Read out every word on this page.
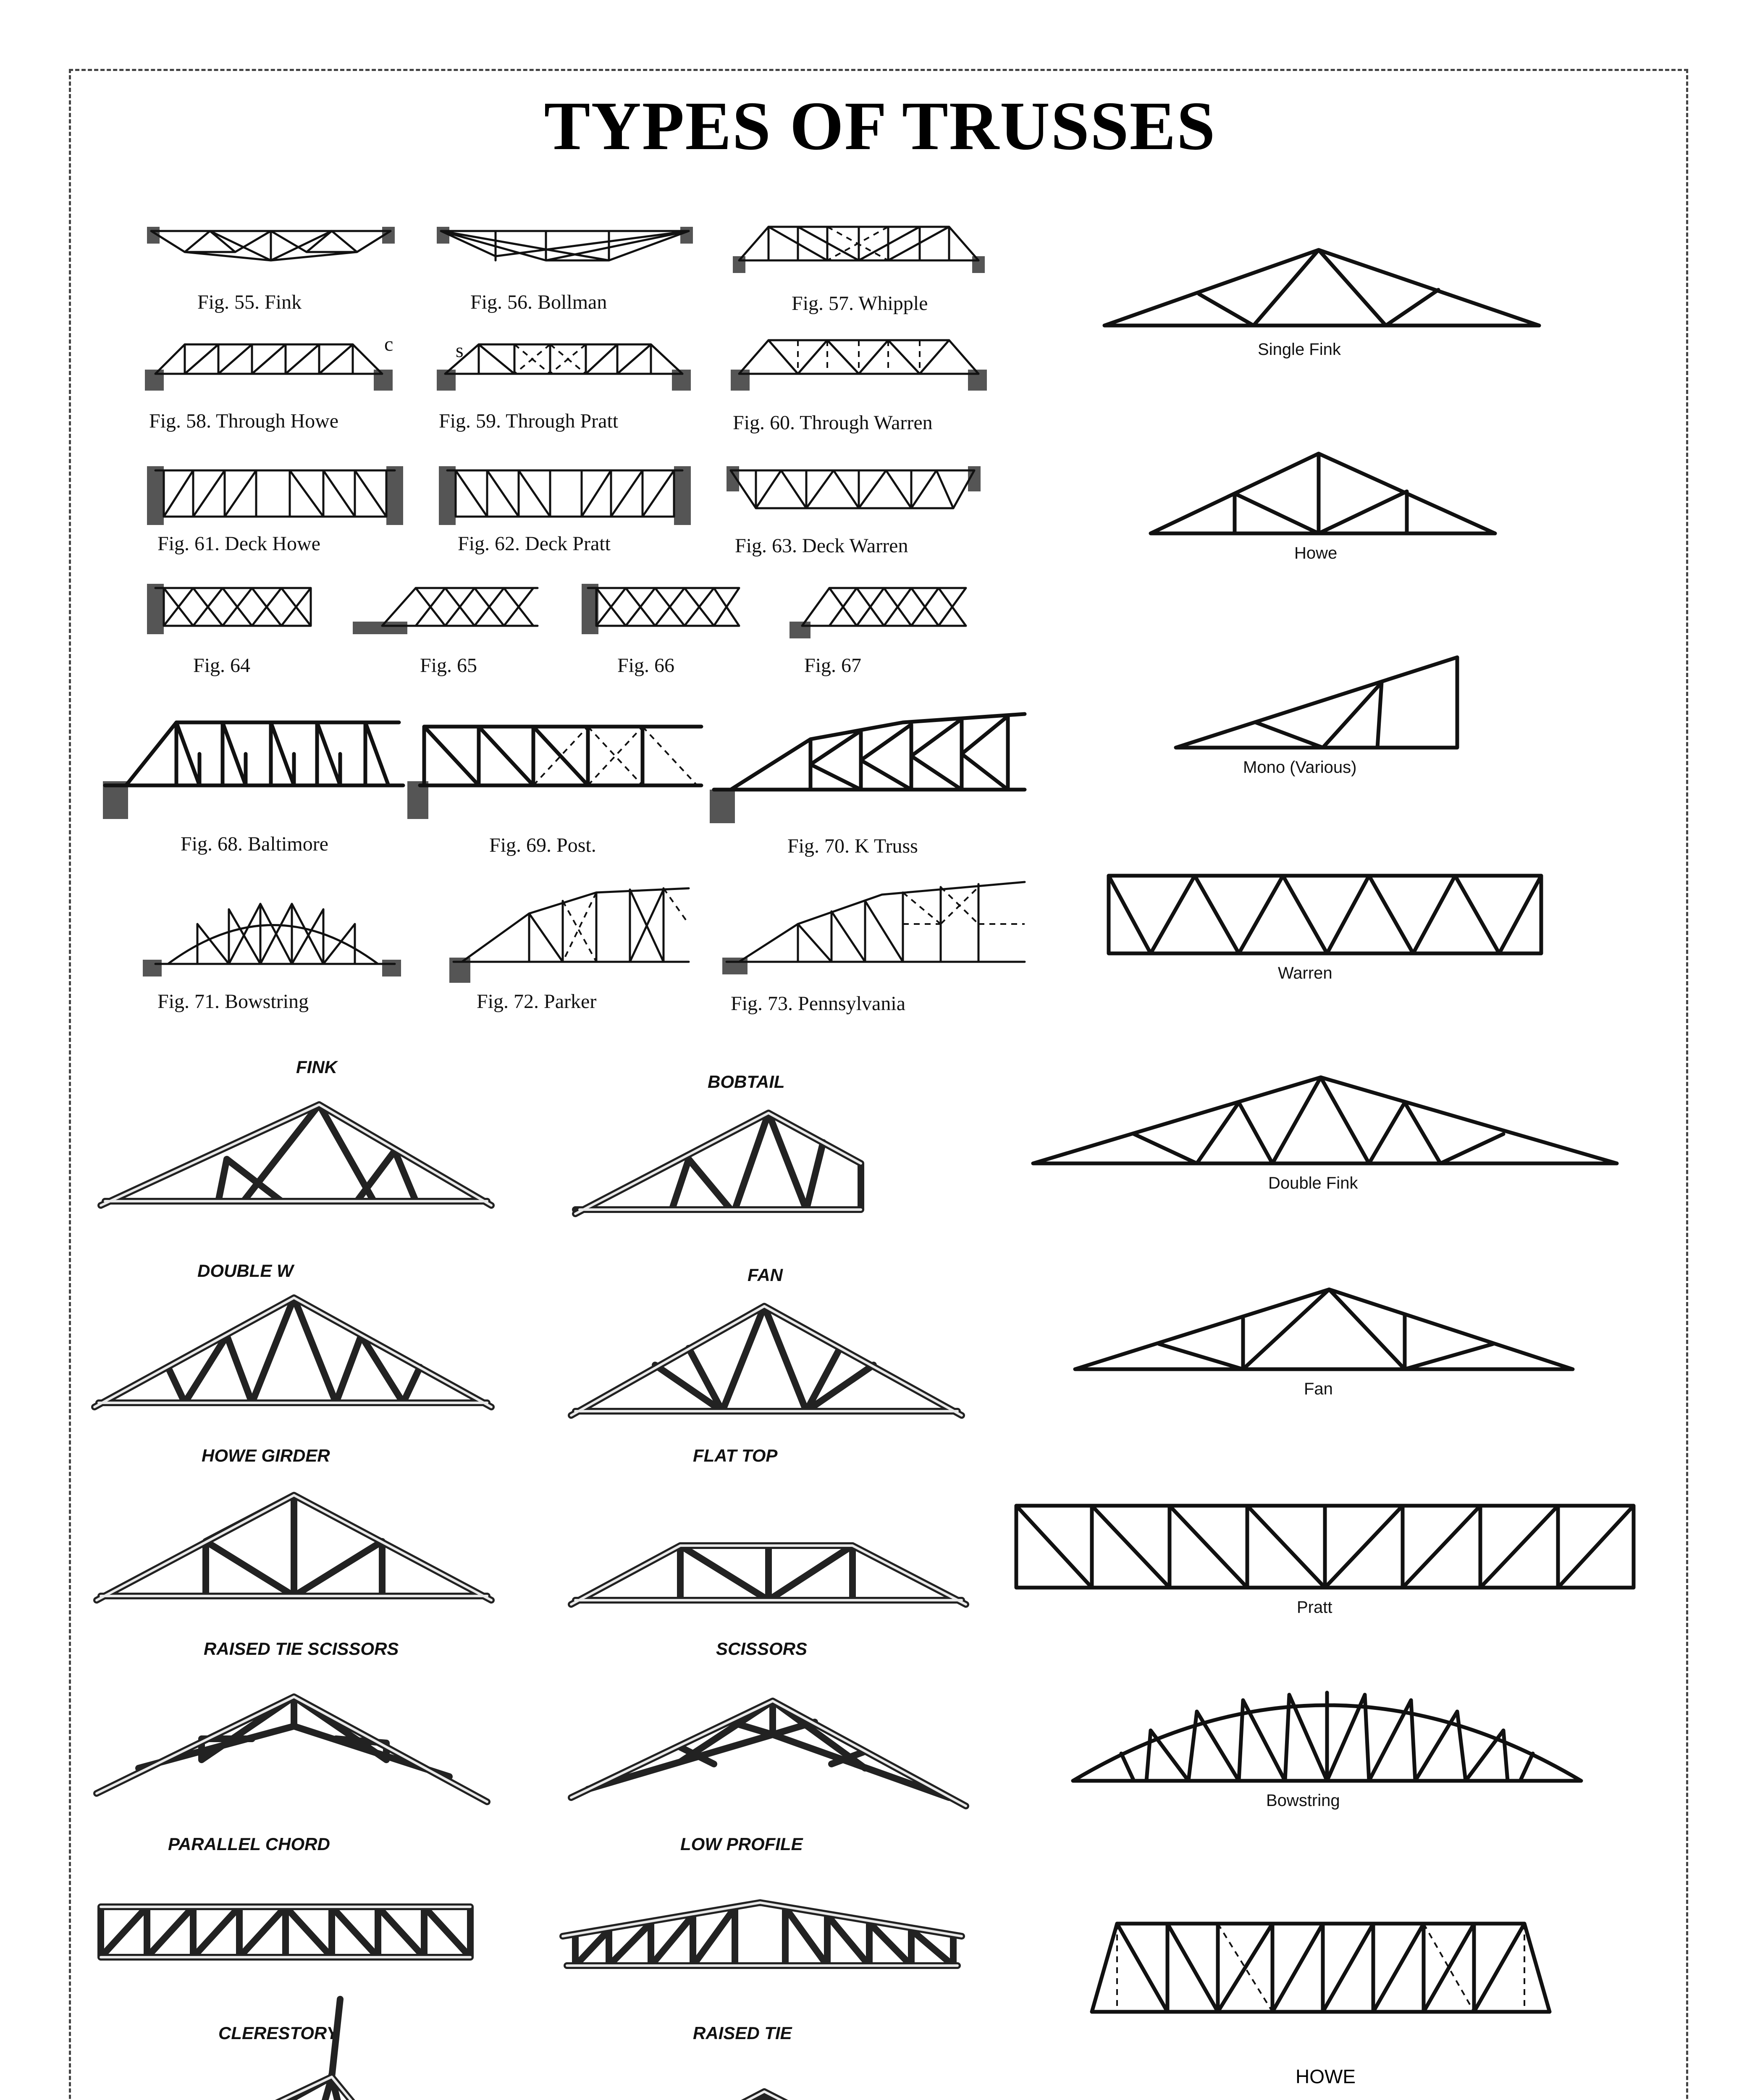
TYPES OF TRUSSES
Fig. 55. Fink	Fig. 56. Bollman	Fig. 57. Whipple
c	s
Fig. 58. Through Howe	Fig. 59. Through Pratt	Fig. 60. Through Warren
Fig. 61. Deck Howe	Fig. 62. Deck Pratt	Fig. 63. Deck Warren
Fig. 64	Fig. 65	Fig. 66	Fig. 67
Fig. 68. Baltimore	Fig. 69. Post.	Fig. 70. K Truss
Fig. 71. Bowstring	Fig. 72. Parker	Fig. 73. Pennsylvania
FINK
BOBTAIL
DOUBLE W	FAN
HOWE GIRDER	FLAT TOP
RAISED TIE SCISSORS	SCISSORS
PARALLEL CHORD	LOW PROFILE
CLERESTORY	RAISED TIE
Single Fink
Howe
Mono (Various)
Warren
Double Fink
Fan
Pratt
Bowstring
HOWE
